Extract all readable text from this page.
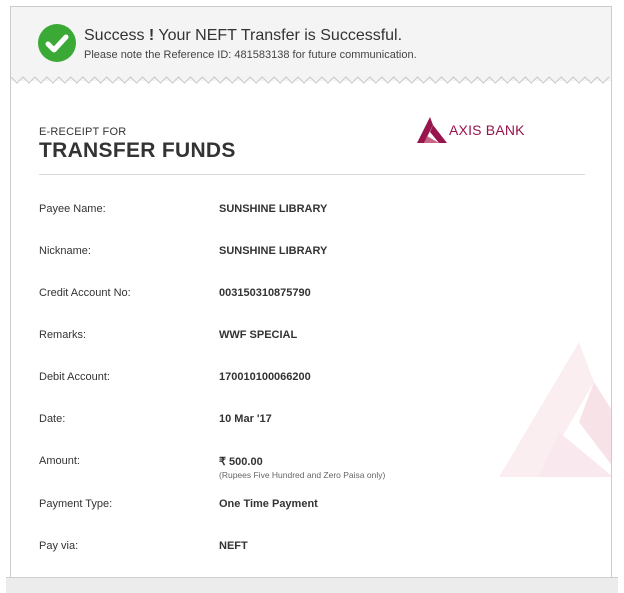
Success ! Your NEFT Transfer is Successful.
Please note the Reference ID: 481583138 for future communication.
E-RECEIPT FOR
TRANSFER FUNDS
AXIS BANK
Payee Name:	SUNSHINE LIBRARY
Nickname:	SUNSHINE LIBRARY
Credit Account No:	003150310875790
Remarks:	WWF SPECIAL
Debit Account:	170010100066200
Date:	10 Mar '17
Amount:	₹ 500.00
(Rupees Five Hundred and Zero Paisa only)
Payment Type:	One Time Payment
Pay via:	NEFT
